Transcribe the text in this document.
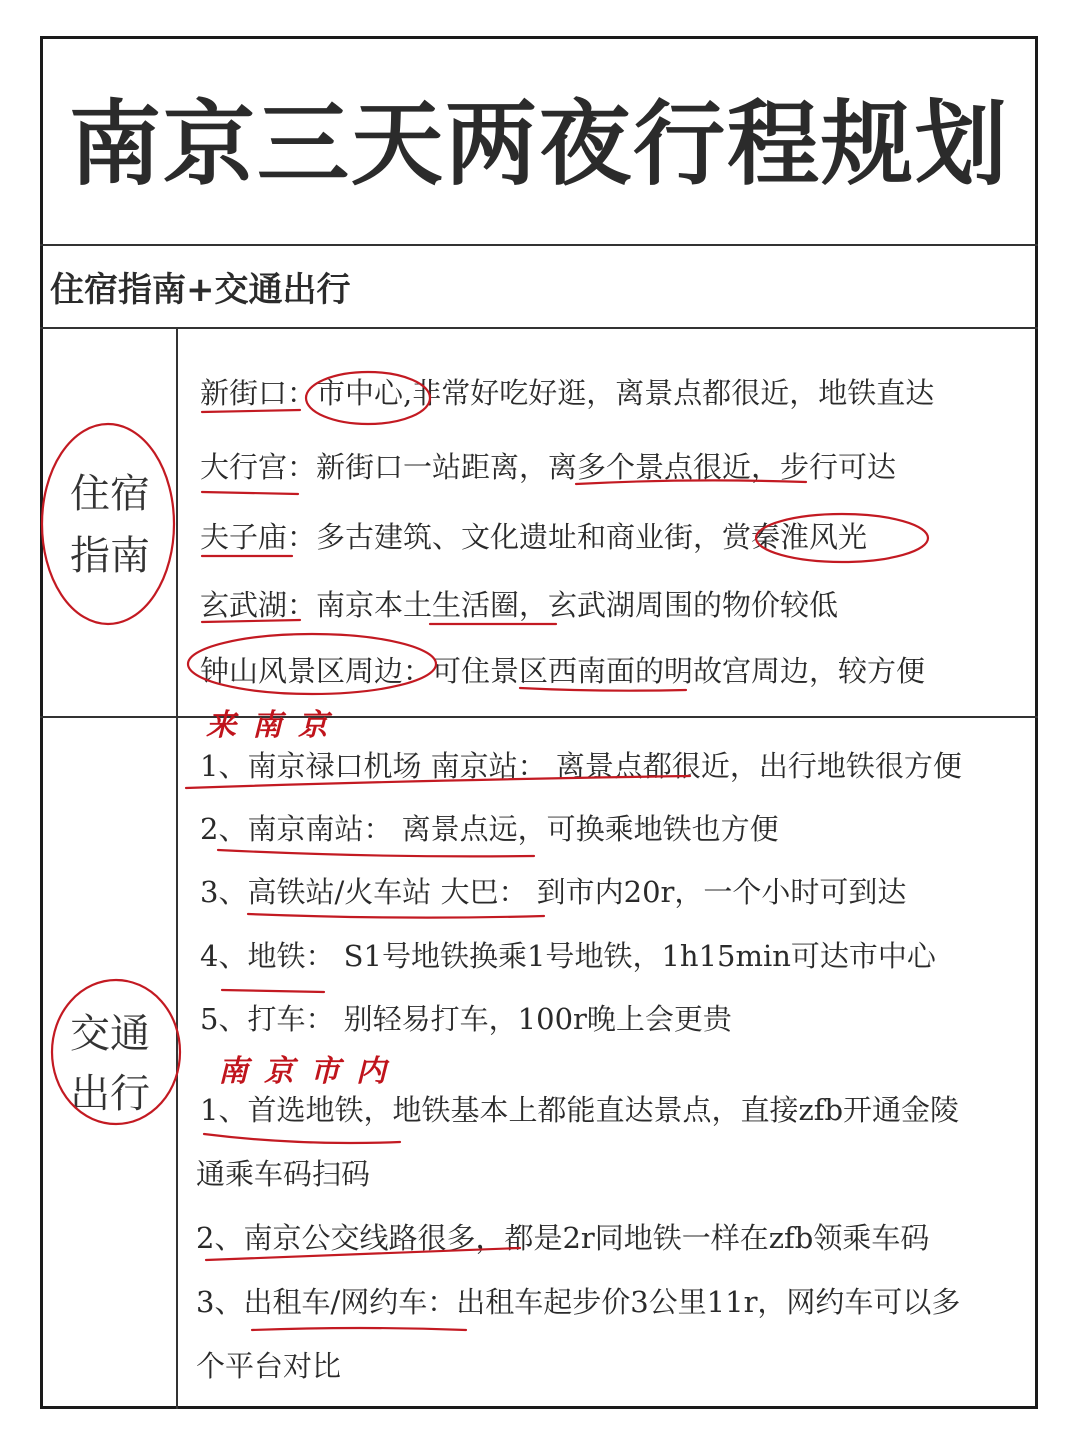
南京三天两夜行程规划
住宿指南+交通出行
住宿
指南
新街口：市中心,非常好吃好逛，离景点都很近，地铁直达
大行宫：新街口一站距离，离多个景点很近，步行可达
夫子庙：多古建筑、文化遗址和商业街，赏秦淮风光
玄武湖：南京本土生活圈，玄武湖周围的物价较低
钟山风景区周边：可住景区西南面的明故宫周边，较方便
交通
出行
来南京
1、南京禄口机场 南京站： 离景点都很近，出行地铁很方便
2、南京南站： 离景点远，可换乘地铁也方便
3、高铁站/火车站 大巴： 到市内20r，一个小时可到达
4、地铁： S1号地铁换乘1号地铁，1h15min可达市中心
5、打车： 别轻易打车，100r晚上会更贵
南京市内
1、首选地铁，地铁基本上都能直达景点，直接zfb开通金陵
通乘车码扫码
2、南京公交线路很多，都是2r同地铁一样在zfb领乘车码
3、出租车/网约车：出租车起步价3公里11r，网约车可以多
个平台对比
